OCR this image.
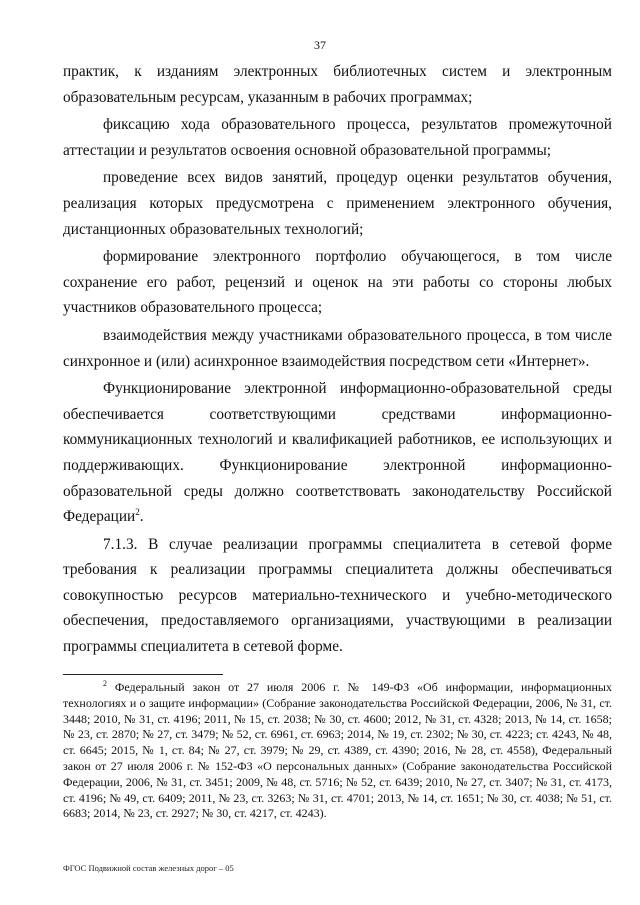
37

практик, к изданиям электронных библиотечных систем и электронным образовательным ресурсам, указанным в рабочих программах;

фиксацию хода образовательного процесса, результатов промежуточной аттестации и результатов освоения основной образовательной программы;

проведение всех видов занятий, процедур оценки результатов обучения, реализация которых предусмотрена с применением электронного обучения, дистанционных образовательных технологий;

формирование электронного портфолио обучающегося, в том числе сохранение его работ, рецензий и оценок на эти работы со стороны любых участников образовательного процесса;

взаимодействия между участниками образовательного процесса, в том числе синхронное и (или) асинхронное взаимодействия посредством сети «Интернет».

Функционирование электронной информационно-образовательной среды обеспечивается соответствующими средствами информационно-коммуникационных технологий и квалификацией работников, ее использующих и поддерживающих. Функционирование электронной информационно-образовательной среды должно соответствовать законодательству Российской Федерации$^2$.

7.1.3. В случае реализации программы специалитета в сетевой форме требования к реализации программы специалитета должны обеспечиваться совокупностью ресурсов материально-технического и учебно-методического обеспечения, предоставляемого организациями, участвующими в реализации программы специалитета в сетевой форме.

$^2$ Федеральный закон от 27 июля 2006 г. № 149-ФЗ «Об информации, информационных технологиях и о защите информации» (Собрание законодательства Российской Федерации, 2006, № 31, ст. 3448; 2010, № 31, ст. 4196; 2011, № 15, ст. 2038; № 30, ст. 4600; 2012, № 31, ст. 4328; 2013, № 14, ст. 1658; № 23, ст. 2870; № 27, ст. 3479; № 52, ст. 6961, ст. 6963; 2014, № 19, ст. 2302; № 30, ст. 4223; ст. 4243, № 48, ст. 6645; 2015, № 1, ст. 84; № 27, ст. 3979; № 29, ст. 4389, ст. 4390; 2016, № 28, ст. 4558), Федеральный закон от 27 июля 2006 г. № 152-ФЗ «О персональных данных» (Собрание законодательства Российской Федерации, 2006, № 31, ст. 3451; 2009, № 48, ст. 5716; № 52, ст. 6439; 2010, № 27, ст. 3407; № 31, ст. 4173, ст. 4196; № 49, ст. 6409; 2011, № 23, ст. 3263; № 31, ст. 4701; 2013, № 14, ст. 1651; № 30, ст. 4038; № 51, ст. 6683; 2014, № 23, ст. 2927; № 30, ст. 4217, ст. 4243).
ФГОС Подвижной состав железных дорог – 05
